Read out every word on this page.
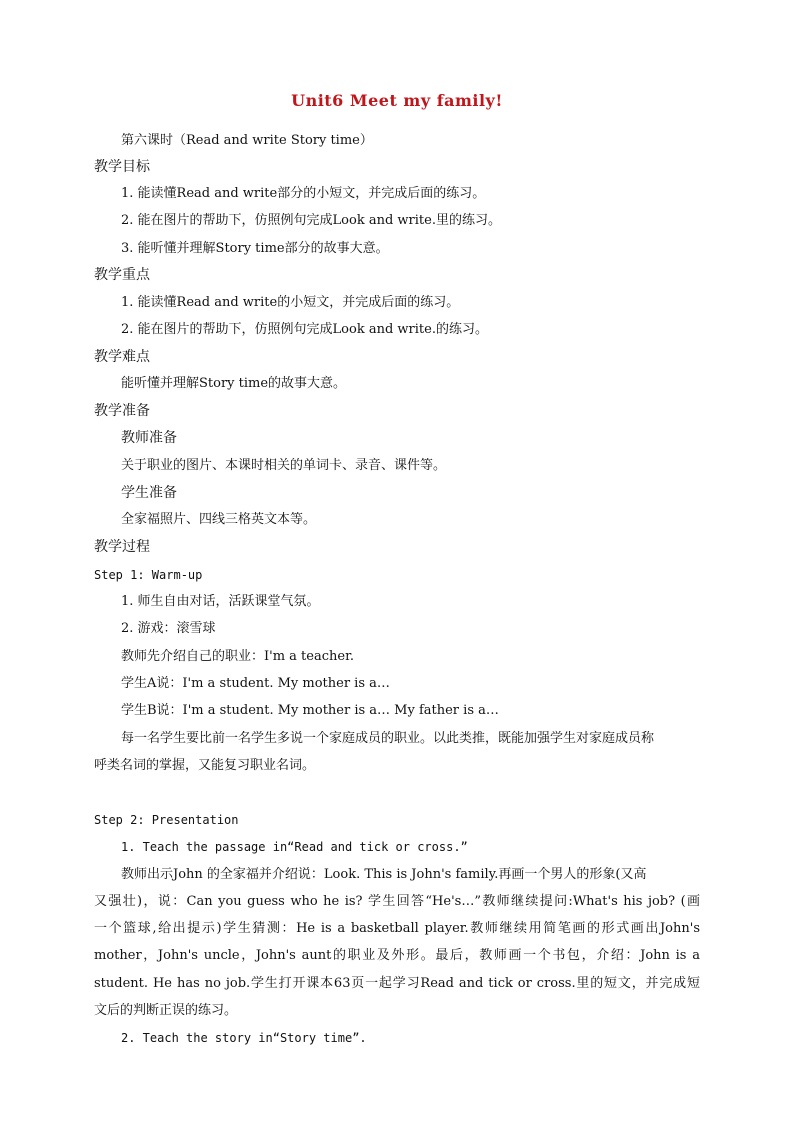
Unit6 Meet my family!
第六课时（Read and write Story time）
教学目标
1. 能读懂Read and write部分的小短文，并完成后面的练习。
2. 能在图片的帮助下，仿照例句完成Look and write.里的练习。
3. 能听懂并理解Story time部分的故事大意。
教学重点
1. 能读懂Read and write的小短文，并完成后面的练习。
2. 能在图片的帮助下，仿照例句完成Look and write.的练习。
教学难点
能听懂并理解Story time的故事大意。
教学准备
教师准备
关于职业的图片、本课时相关的单词卡、录音、课件等。
学生准备
全家福照片、四线三格英文本等。
教学过程
Step 1: Warm-up
1. 师生自由对话，活跃课堂气氛。
2. 游戏：滚雪球
教师先介绍自己的职业：I'm a teacher.
学生A说：I'm a student. My mother is a…
学生B说：I'm a student. My mother is a… My father is a…
每一名学生要比前一名学生多说一个家庭成员的职业。以此类推，既能加强学生对家庭成员称
呼类名词的掌握，又能复习职业名词。
Step 2: Presentation
1. Teach the passage in“Read and tick or cross.”
教师出示John 的全家福并介绍说：Look. This is John's family.再画一个男人的形象(又高
又强壮)，说：Can you guess who he is? 学生回答“He's…”教师继续提问:What's his job? (画
一个篮球,给出提示)学生猜测：He is a basketball player.教师继续用简笔画的形式画出John's
mother，John's uncle，John's aunt的职业及外形。最后，教师画一个书包，介绍：John is a
student. He has no job.学生打开课本63页一起学习Read and tick or cross.里的短文，并完成短
文后的判断正误的练习。
2. Teach the story in“Story time”.
